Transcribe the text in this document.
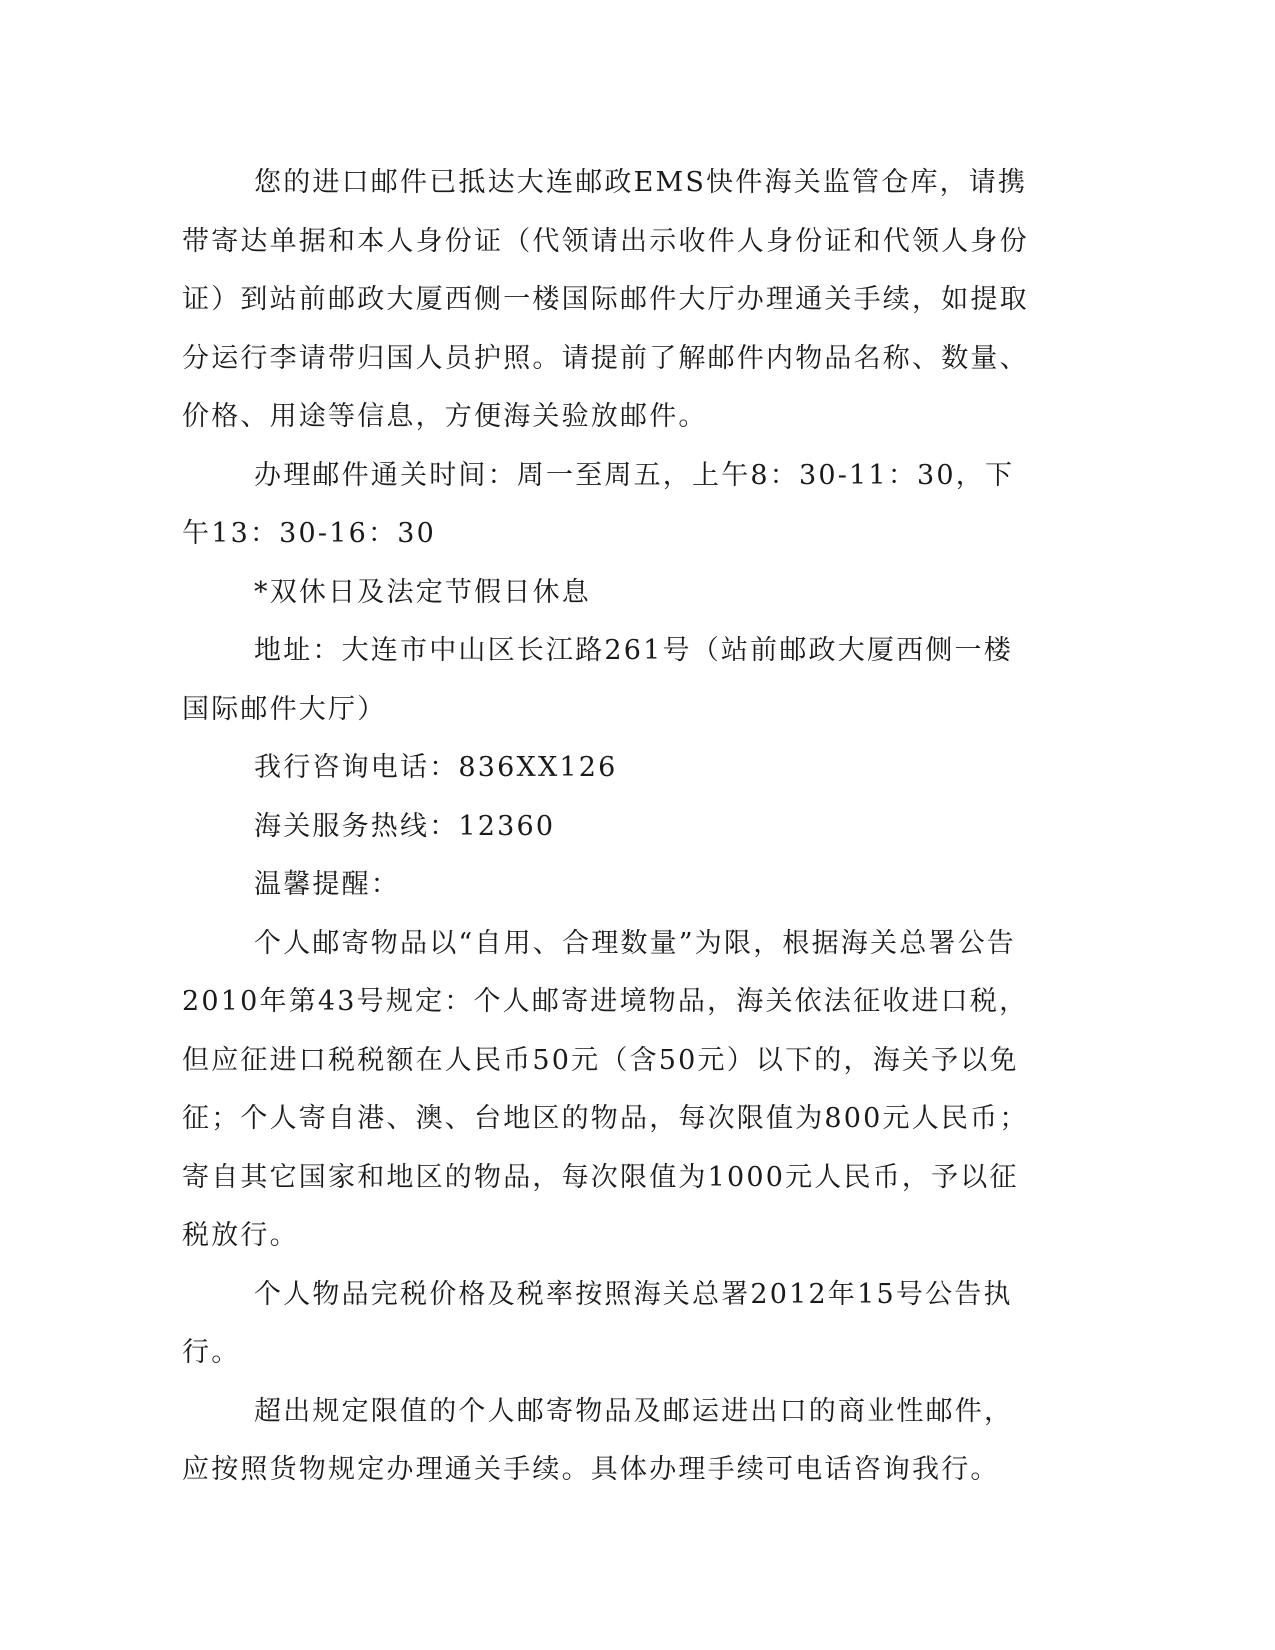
您的进口邮件已抵达大连邮政EMS快件海关监管仓库，请携带寄达单据和本人身份证（代领请出示收件人身份证和代领人身份证）到站前邮政大厦西侧一楼国际邮件大厅办理通关手续，如提取分运行李请带归国人员护照。请提前了解邮件内物品名称、数量、价格、用途等信息，方便海关验放邮件。

办理邮件通关时间：周一至周五，上午8：30-11：30，下午13：30-16：30

*双休日及法定节假日休息

地址：大连市中山区长江路261号（站前邮政大厦西侧一楼国际邮件大厅）

我行咨询电话：836XX126

海关服务热线：12360

温馨提醒：

个人邮寄物品以“自用、合理数量”为限，根据海关总署公告2010年第43号规定：个人邮寄进境物品，海关依法征收进口税，但应征进口税税额在人民币50元（含50元）以下的，海关予以免征；个人寄自港、澳、台地区的物品，每次限值为800元人民币；寄自其它国家和地区的物品，每次限值为1000元人民币，予以征税放行。

个人物品完税价格及税率按照海关总署2012年15号公告执行。

超出规定限值的个人邮寄物品及邮运进出口的商业性邮件，应按照货物规定办理通关手续。具体办理手续可电话咨询我行。
